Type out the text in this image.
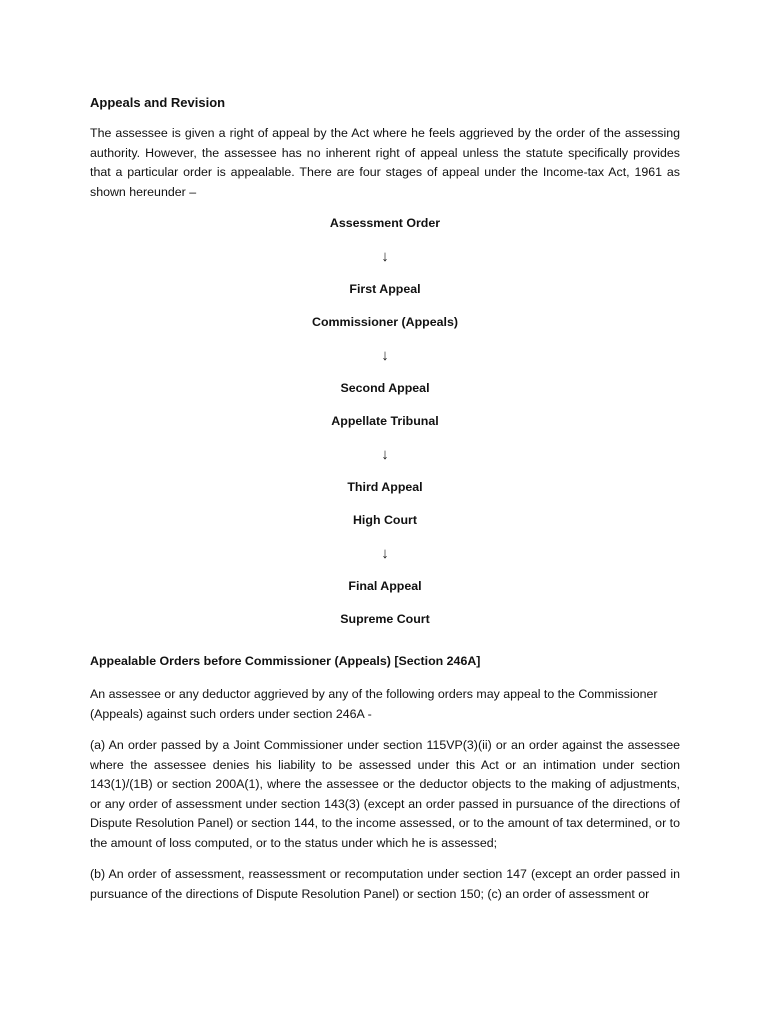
Appeals and Revision

The assessee is given a right of appeal by the Act where he feels aggrieved by the order of the assessing authority. However, the assessee has no inherent right of appeal unless the statute specifically provides that a particular order is appealable. There are four stages of appeal under the Income-tax Act, 1961 as shown hereunder –

Assessment Order
↓
First Appeal
Commissioner (Appeals)
↓
Second Appeal
Appellate Tribunal
↓
Third Appeal
High Court
↓
Final Appeal
Supreme Court
Appealable Orders before Commissioner (Appeals) [Section 246A]

An assessee or any deductor aggrieved by any of the following orders may appeal to the Commissioner (Appeals) against such orders under section 246A -

(a) An order passed by a Joint Commissioner under section 115VP(3)(ii) or an order against the assessee where the assessee denies his liability to be assessed under this Act or an intimation under section 143(1)/(1B) or section 200A(1), where the assessee or the deductor objects to the making of adjustments, or any order of assessment under section 143(3) (except an order passed in pursuance of the directions of Dispute Resolution Panel) or section 144, to the income assessed, or to the amount of tax determined, or to the amount of loss computed, or to the status under which he is assessed;

(b) An order of assessment, reassessment or recomputation under section 147 (except an order passed in pursuance of the directions of Dispute Resolution Panel) or section 150; (c) an order of assessment or
